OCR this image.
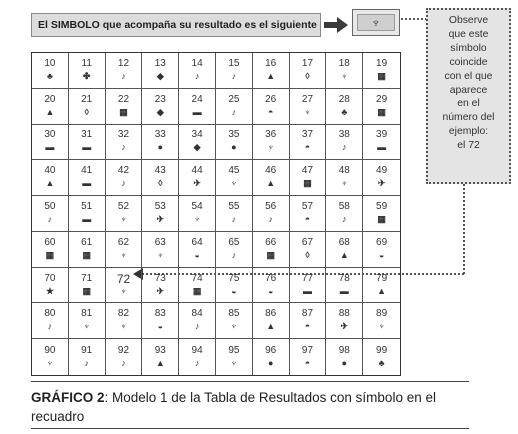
El SIMBOLO que acompaña su resultado es el siguiente	♆	Observe
que este
símbolo
coincide
con el que
aparece
en el
número del
ejemplo:
el 72
10
♣
11
✤
12
♪
13
◆
14
♪
15
♪
16
▲
17
◊
18
♆
19
▦
20
▲
21
◊
22
▦
23
◆
24
▬
25
♪
26
◓
27
♆
28
♣
29
▦
30
▬
31
▬
32
♪
33
●
34
◆
35
●
36
♆
37
◓
38
♪
39
▬
40
▲
41
▬
42
♪
43
◊
44
✈
45
♆
46
▲
47
▦
48
♆
49
✈
50
♪
51
▬
52
♆
53
✈
54
♆
55
♪
56
♪
57
◓
58
♪
59
▦
60
▦
61
▦
62
♆
63
♆
64
◒
65
♪
66
▦
67
◊
68
▲
69
◒
70
★
71
▦
72
♆
73
✈
74
▦
75
◒
76
◒
77
▬
78
▬
79
▲
80
♪
81
♆
82
♆
83
◒
84
♪
85
♆
86
▲
87
◓
88
✈
89
♆
90
♆
91
♪
92
♪
93
▲
94
♪
95
♆
96
●
97
◓
98
●
99
♣
GRÁFICO 2: Modelo 1 de la Tabla de Resultados con símbolo en el recuadro
